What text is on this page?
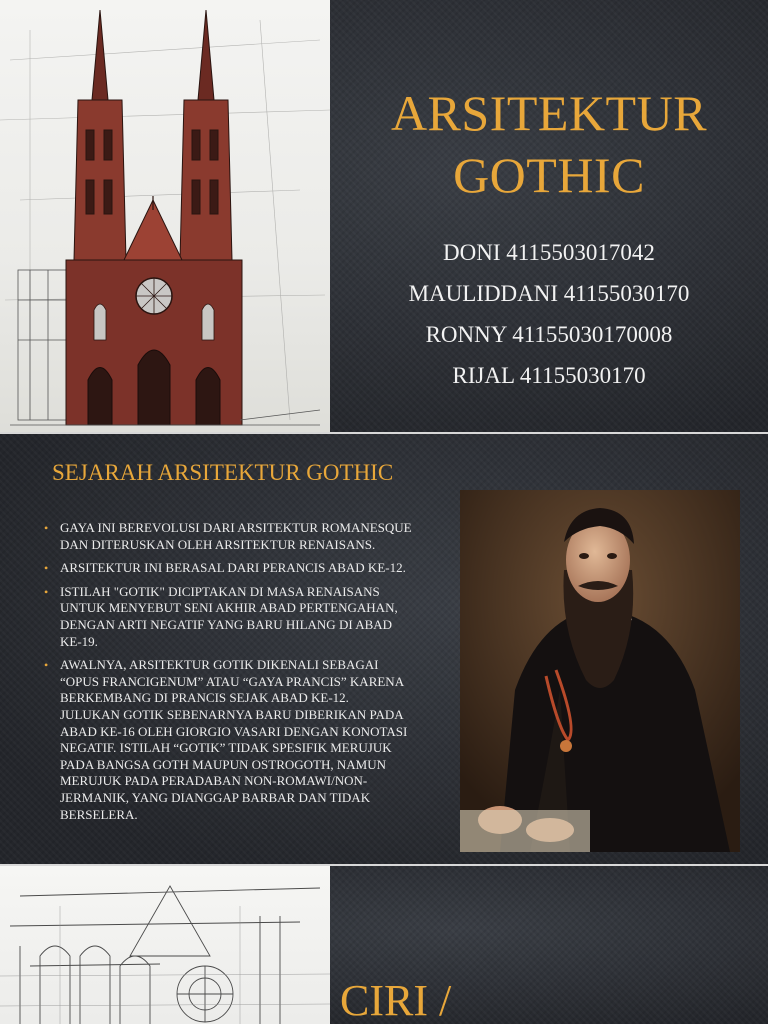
ARSITEKTUR
GOTHIC
DONI 4115503017042
MAULIDDANI 41155030170
RONNY 41155030170008
RIJAL 41155030170
SEJARAH ARSITEKTUR GOTHIC
• GAYA INI BEREVOLUSI DARI ARSITEKTUR ROMANESQUE DAN DITERUSKAN OLEH ARSITEKTUR RENAISANS.
• ARSITEKTUR INI BERASAL DARI PERANCIS ABAD KE-12.
• ISTILAH "GOTIK" DICIPTAKAN DI MASA RENAISANS UNTUK MENYEBUT SENI AKHIR ABAD PERTENGAHAN, DENGAN ARTI NEGATIF YANG BARU HILANG DI ABAD KE-19.
• AWALNYA, ARSITEKTUR GOTIK DIKENALI SEBAGAI “OPUS FRANCIGENUM” ATAU “GAYA PRANCIS” KARENA BERKEMBANG DI PRANCIS SEJAK ABAD KE-12. JULUKAN GOTIK SEBENARNYA BARU DIBERIKAN PADA ABAD KE-16 OLEH GIORGIO VASARI DENGAN KONOTASI NEGATIF. ISTILAH “GOTIK” TIDAK SPESIFIK MERUJUK PADA BANGSA GOTH MAUPUN OSTROGOTH, NAMUN MERUJUK PADA PERADABAN NON-ROMAWI/NON-JERMANIK, YANG DIANGGAP BARBAR DAN TIDAK BERSELERA.
CIRI /
